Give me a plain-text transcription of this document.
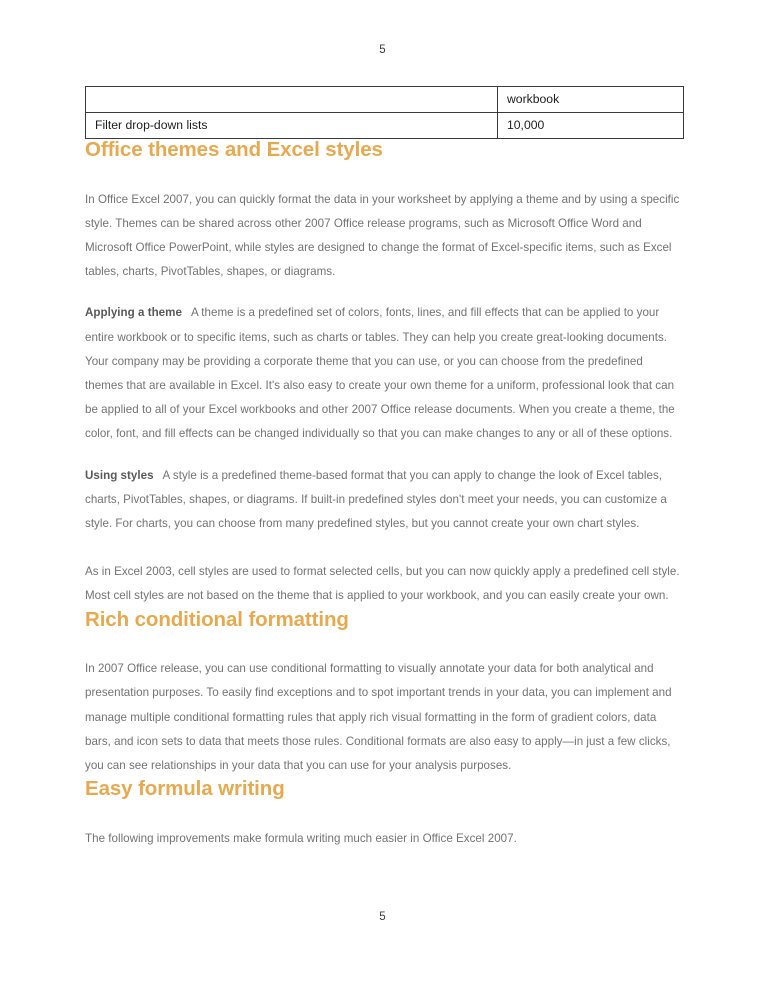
5
	workbook
Filter drop-down lists	10,000
Office themes and Excel styles

In Office Excel 2007, you can quickly format the data in your worksheet by applying a theme and by using a specific style. Themes can be shared across other 2007 Office release programs, such as Microsoft Office Word and Microsoft Office PowerPoint, while styles are designed to change the format of Excel-specific items, such as Excel tables, charts, PivotTables, shapes, or diagrams.

Applying a theme A theme is a predefined set of colors, fonts, lines, and fill effects that can be applied to your entire workbook or to specific items, such as charts or tables. They can help you create great-looking documents. Your company may be providing a corporate theme that you can use, or you can choose from the predefined themes that are available in Excel. It's also easy to create your own theme for a uniform, professional look that can be applied to all of your Excel workbooks and other 2007 Office release documents. When you create a theme, the color, font, and fill effects can be changed individually so that you can make changes to any or all of these options.

Using styles A style is a predefined theme-based format that you can apply to change the look of Excel tables, charts, PivotTables, shapes, or diagrams. If built-in predefined styles don't meet your needs, you can customize a style. For charts, you can choose from many predefined styles, but you cannot create your own chart styles.

As in Excel 2003, cell styles are used to format selected cells, but you can now quickly apply a predefined cell style. Most cell styles are not based on the theme that is applied to your workbook, and you can easily create your own.

Rich conditional formatting

In 2007 Office release, you can use conditional formatting to visually annotate your data for both analytical and presentation purposes. To easily find exceptions and to spot important trends in your data, you can implement and manage multiple conditional formatting rules that apply rich visual formatting in the form of gradient colors, data bars, and icon sets to data that meets those rules. Conditional formats are also easy to apply—in just a few clicks, you can see relationships in your data that you can use for your analysis purposes.

Easy formula writing

The following improvements make formula writing much easier in Office Excel 2007.

5
